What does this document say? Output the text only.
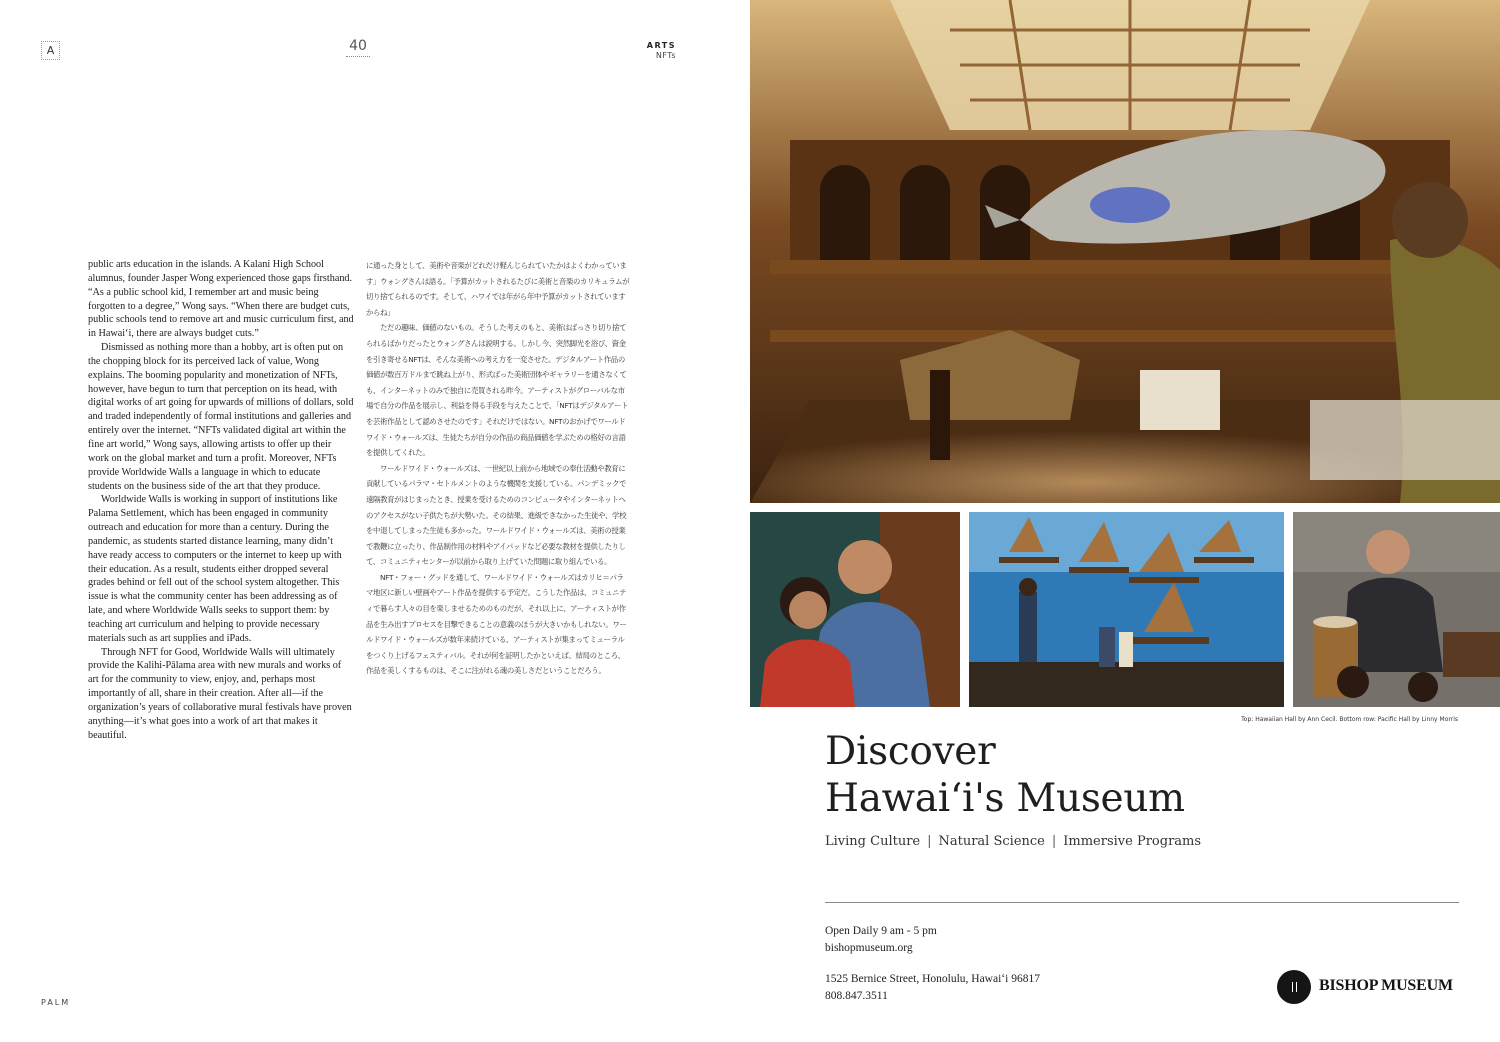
A	40	ARTS
NFTs

public arts education in the islands. A Kalani High School alumnus, founder Jasper Wong experienced those gaps firsthand. “As a public school kid, I remember art and music being forgotten to a degree,” Wong says. “When there are budget cuts, public schools tend to remove art and music curriculum first, and in Hawai‘i, there are always budget cuts.”

Dismissed as nothing more than a hobby, art is often put on the chopping block for its perceived lack of value, Wong explains. The booming popularity and monetization of NFTs, however, have begun to turn that perception on its head, with digital works of art going for upwards of millions of dollars, sold and traded independently of formal institutions and galleries and entirely over the internet. “NFTs validated digital art within the fine art world,” Wong says, allowing artists to offer up their work on the global market and turn a profit. Moreover, NFTs provide Worldwide Walls a language in which to educate students on the business side of the art that they produce.

Worldwide Walls is working in support of institutions like Palama Settlement, which has been engaged in community outreach and education for more than a century. During the pandemic, as students started distance learning, many didn’t have ready access to computers or the internet to keep up with their education. As a result, students either dropped several grades behind or fell out of the school system altogether. This issue is what the community center has been addressing as of late, and where Worldwide Walls seeks to support them: by teaching art curriculum and helping to provide necessary materials such as art supplies and iPads.

Through NFT for Good, Worldwide Walls will ultimately provide the Kalihi-Pālama area with new murals and works of art for the community to view, enjoy, and, perhaps most importantly of all, share in their creation. After all—if the organization’s years of collaborative mural festivals have proven anything—it’s what goes into a work of art that makes it beautiful.

に通った身として、美術や音楽がどれだけ軽んじられていたかはよくわかっています」ウォングさんは語る。「予算がカットされるたびに美術と音楽のカリキュラムが切り捨てられるのです。そして、ハワイでは年がら年中予算がカットされていますからね」

ただの趣味、価値のないもの。そうした考えのもと、美術はばっさり切り捨てられるばかりだったとウォングさんは説明する。しかし今、突然脚光を浴び、資金を引き寄せるNFTは、そんな美術への考え方を一変させた。デジタルアート作品の価値が数百万ドルまで跳ね上がり、形式ばった美術団体やギャラリーを通さなくても、インターネットのみで独自に売買される昨今。アーティストがグローバルな市場で自分の作品を展示し、利益を得る手段を与えたことで、「NFTはデジタルアートを芸術作品として認めさせたのです」それだけではない。NFTのおかげでワールドワイド・ウォールズは、生徒たちが自分の作品の商品価値を学ぶための格好の言語を提供してくれた。

ワールドワイド・ウォールズは、一世紀以上前から地域での奉仕活動や教育に貢献しているパラマ・セトルメントのような機関を支援している。パンデミックで遠隔教育がはじまったとき、授業を受けるためのコンピュータやインターネットへのアクセスがない子供たちが大勢いた。その結果、進級できなかった生徒や、学校を中退してしまった生徒も多かった。ワールドワイド・ウォールズは、美術の授業で教鞭に立ったり、作品制作用の材料やアイパッドなど必要な教材を提供したりして、コミュニティセンターが以前から取り上げていた問題に取り組んでいる。

NFT・フォー・グッドを通して、ワールドワイド・ウォールズはカリヒ＝パラマ地区に新しい壁画やアート作品を提供する予定だ。こうした作品は、コミュニティで暮らす人々の目を楽しませるためのものだが、それ以上に、アーティストが作品を生み出すプロセスを目撃できることの意義のほうが大きいかもしれない。ワールドワイド・ウォールズが数年来続けている、アーティストが集まってミューラルをつくり上げるフェスティバル。それが何を証明したかといえば、結局のところ、作品を美しくするものは、そこに注がれる魂の美しさだということだろう。

PALM
Top: Hawaiian Hall by Ann Cecil. Bottom row: Pacific Hall by Linny Morris
Discover
Hawai‘i's Museum
Living Culture | Natural Science | Immersive Programs
Open Daily 9 am - 5 pm
bishopmuseum.org
1525 Bernice Street, Honolulu, Hawai‘i 96817
808.847.3511
BISHOP MUSEUM
